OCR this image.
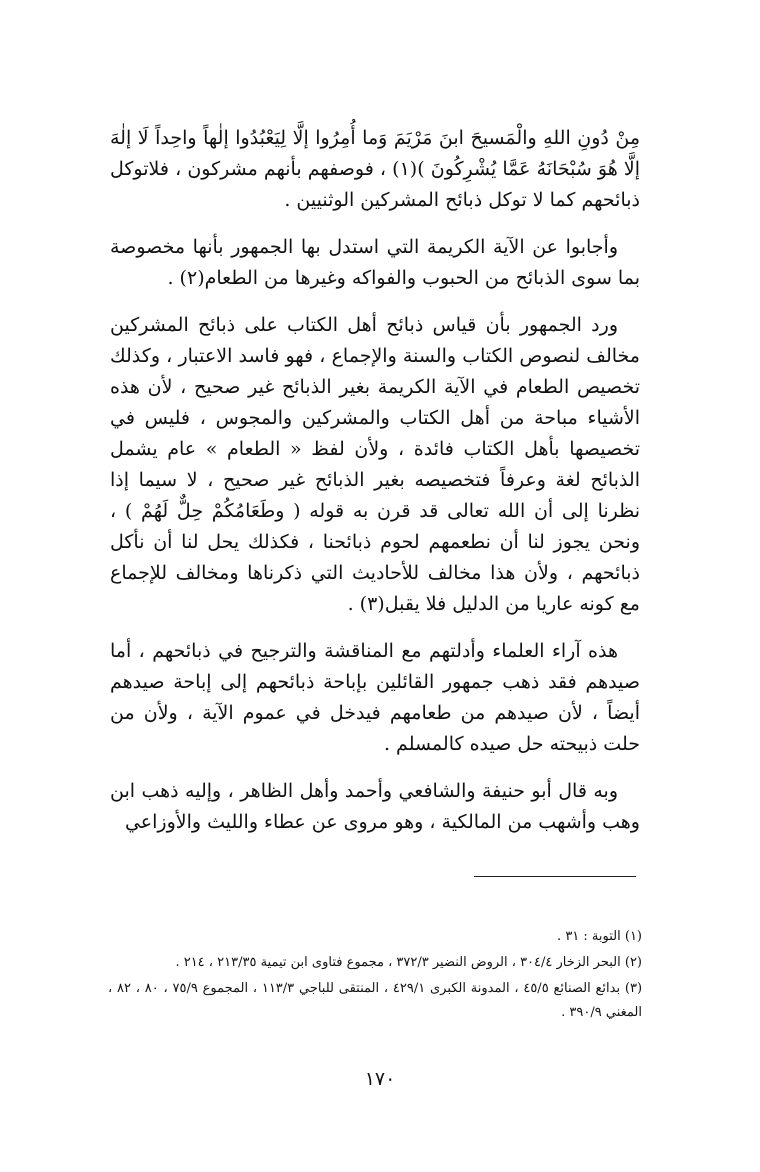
مِنْ دُونِ اللهِ والْمَسيحَ ابنَ مَرْيَمَ وَما أُمِرُوا إلَّا لِيَعْبُدُوا إلٰهاً واحِداً لَا إلٰهَ إلَّا هُوَ سُبْحَانَهُ عَمَّا يُشْرِكُونَ )(١) ، فوصفهم بأنهم مشركون ، فلاتوكل ذبائحهم كما لا توكل ذبائح المشركين الوثنيين .

وأجابوا عن الآية الكريمة التي استدل بها الجمهور بأنها مخصوصة بما سوى الذبائح من الحبوب والفواكه وغيرها من الطعام(٢) .

ورد الجمهور بأن قياس ذبائح أهل الكتاب على ذبائح المشركين مخالف لنصوص الكتاب والسنة والإجماع ، فهو فاسد الاعتبار ، وكذلك تخصيص الطعام في الآية الكريمة بغير الذبائح غير صحيح ، لأن هذه الأشياء مباحة من أهل الكتاب والمشركين والمجوس ، فليس في تخصيصها بأهل الكتاب فائدة ، ولأن لفظ « الطعام » عام يشمل الذبائح لغة وعرفاً فتخصيصه بغير الذبائح غير صحيح ، لا سيما إذا نظرنا إلى أن الله تعالى قد قرن به قوله ( وطَعَامُكُمْ حِلٌّ لَهُمْ ) ، ونحن يجوز لنا أن نطعمهم لحوم ذبائحنا ، فكذلك يحل لنا أن نأكل ذبائحهم ، ولأن هذا مخالف للأحاديث التي ذكرناها ومخالف للإجماع مع كونه عاريا من الدليل فلا يقبل(٣) .

هذه آراء العلماء وأدلتهم مع المناقشة والترجيح في ذبائحهم ، أما صيدهم فقد ذهب جمهور القائلين بإباحة ذبائحهم إلى إباحة صيدهم أيضاً ، لأن صيدهم من طعامهم فيدخل في عموم الآية ، ولأن من حلت ذبيحته حل صيده كالمسلم .

وبه قال أبو حنيفة والشافعي وأحمد وأهل الظاهر ، وإليه ذهب ابن وهب وأشهب من المالكية ، وهو مروى عن عطاء والليث والأوزاعي

(١) التوبة : ٣١ .

(٢) البحر الزخار ٣٠٤/٤ ، الروض النضير ٣٧٢/٣ ، مجموع فتاوى ابن تيمية ٢١٣/٣٥ ، ٢١٤ .

(٣) بدائع الصنائع ٤٥/٥ ، المدونة الكبرى ٤٢٩/١ ، المنتقى للباجي ١١٣/٣ ، المجموع ٧٥/٩ ، ٨٠ ، ٨٢ ، المغني ٣٩٠/٩ .

١٧٠
